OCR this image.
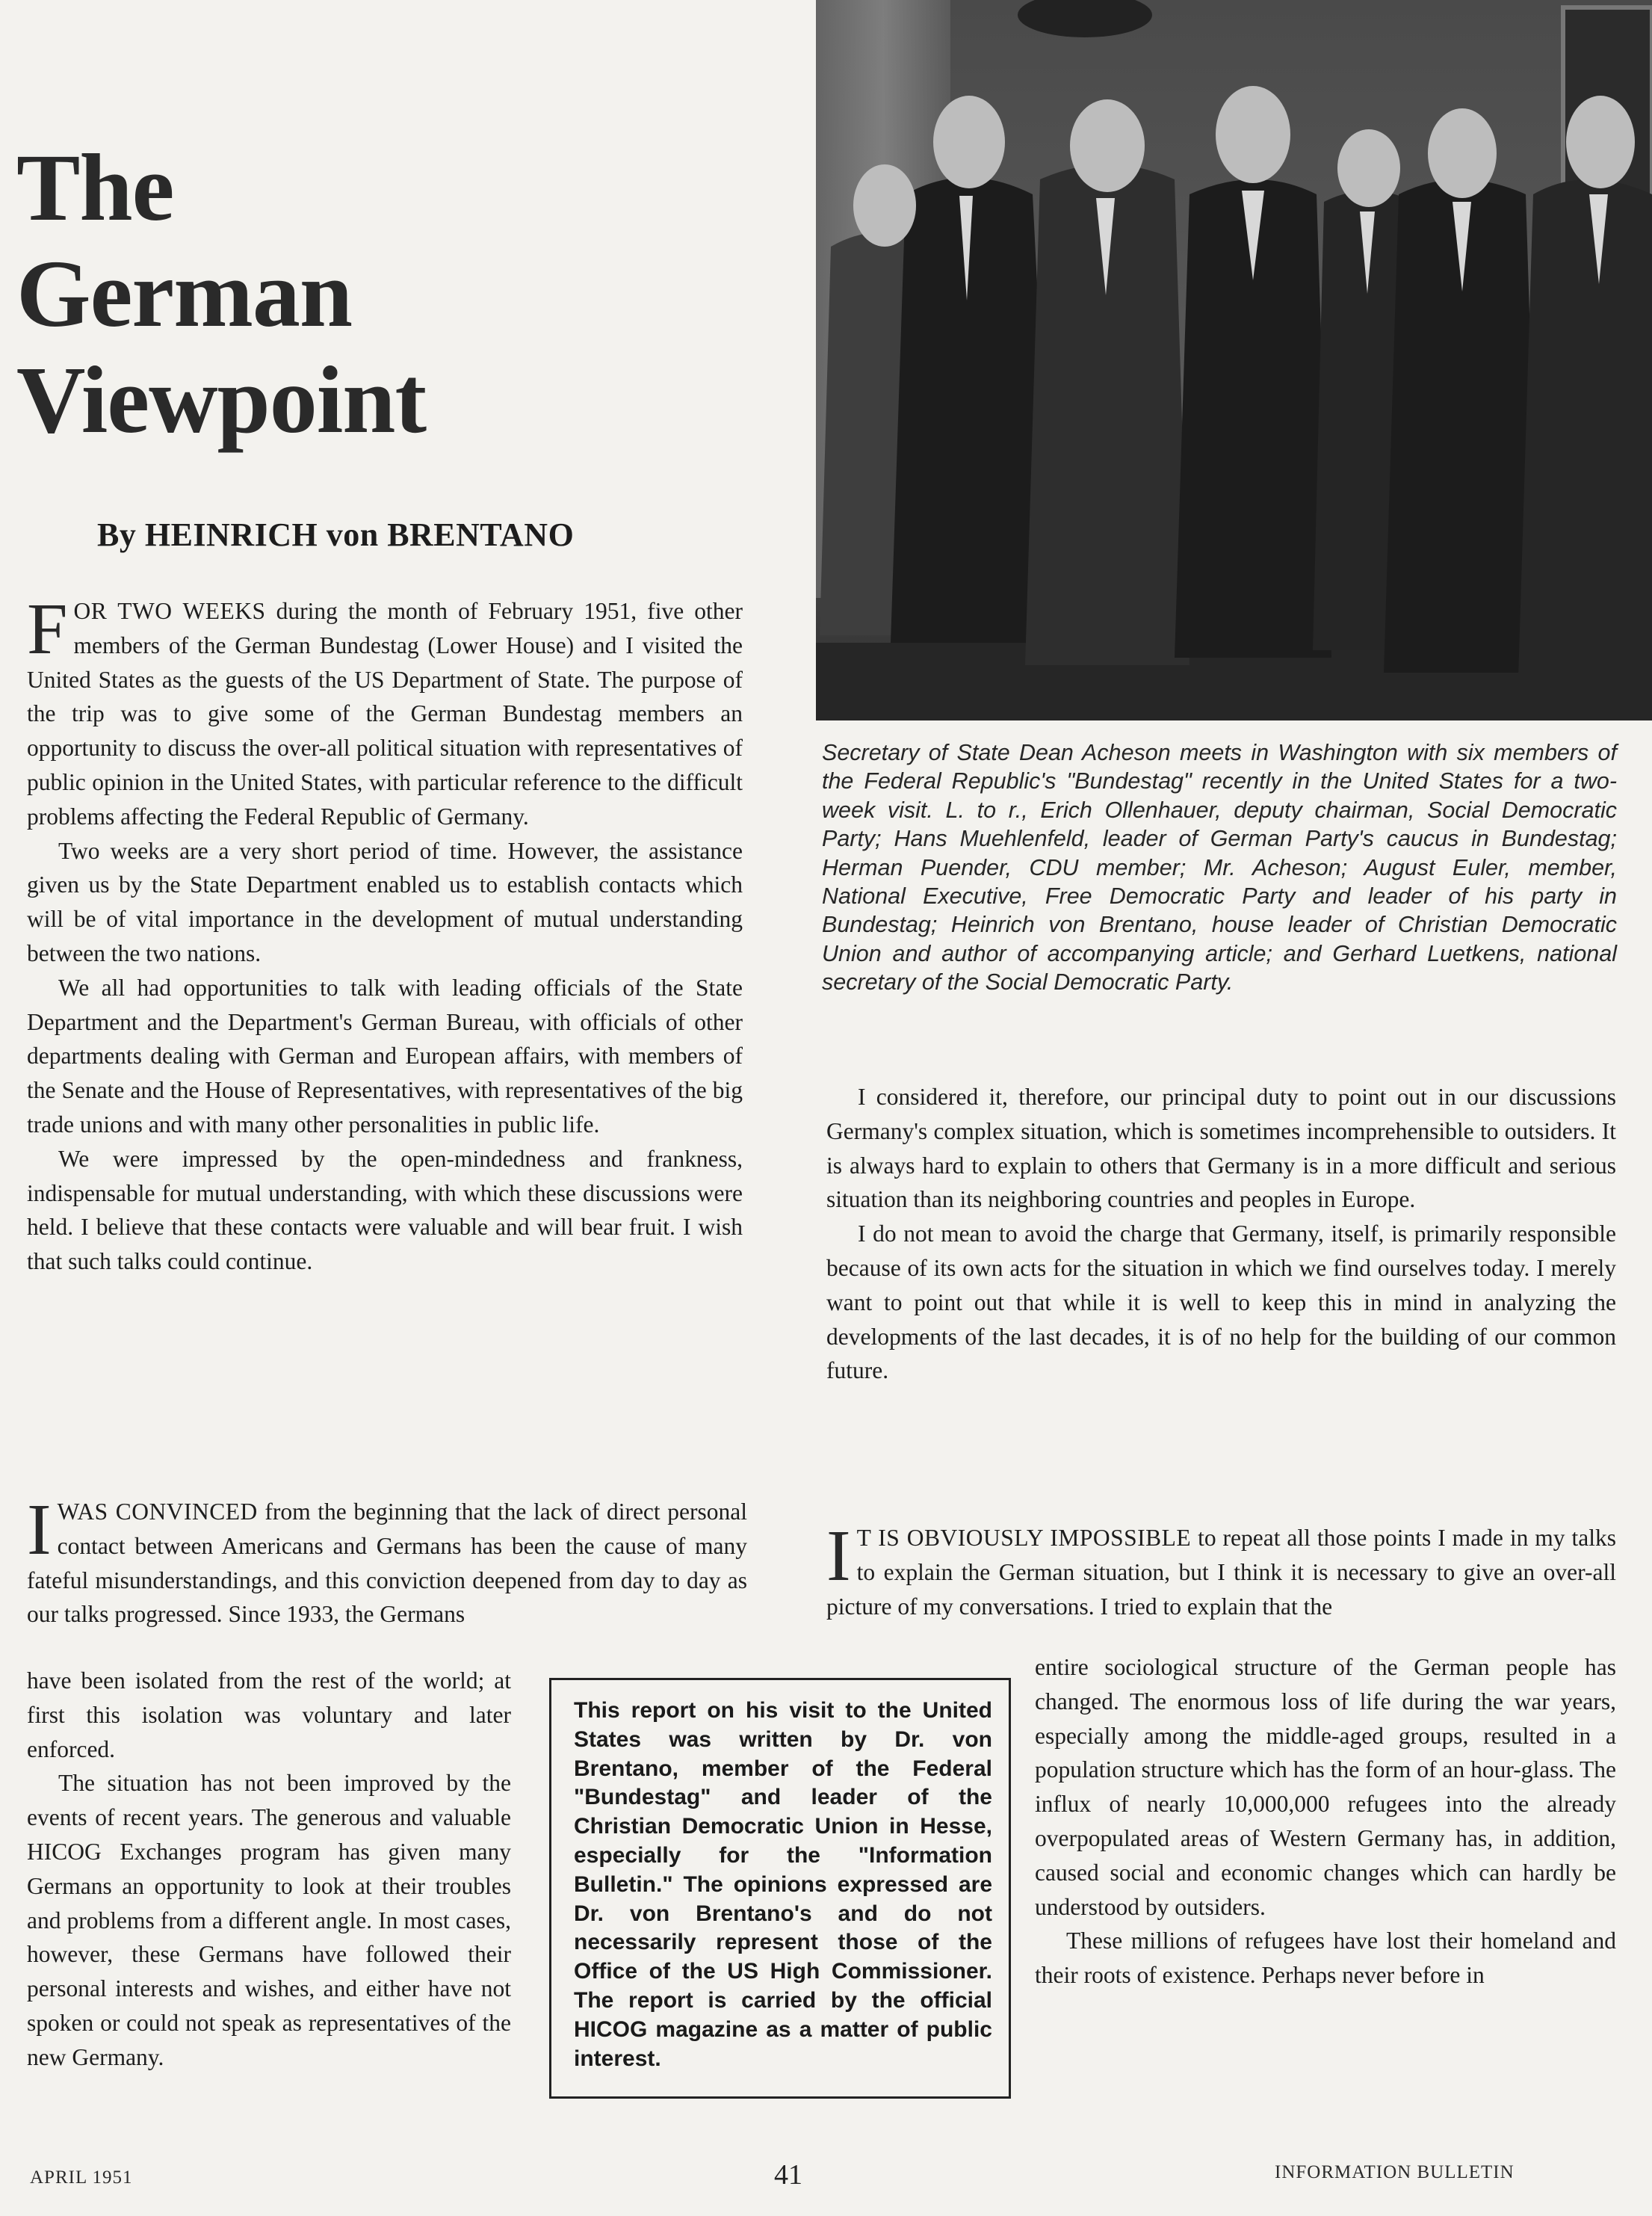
The
German
Viewpoint
By HEINRICH von BRENTANO

FOR TWO WEEKS during the month of February 1951, five other members of the German Bundestag (Lower House) and I visited the United States as the guests of the US Department of State. The purpose of the trip was to give some of the German Bundestag members an opportunity to discuss the over-all political situation with representatives of public opinion in the United States, with particular reference to the difficult problems affecting the Federal Republic of Germany.

Two weeks are a very short period of time. However, the assistance given us by the State Department enabled us to establish contacts which will be of vital importance in the development of mutual understanding between the two nations.

We all had opportunities to talk with leading officials of the State Department and the Department's German Bureau, with officials of other departments dealing with German and European affairs, with members of the Senate and the House of Representatives, with representatives of the big trade unions and with many other personalities in public life.

We were impressed by the open-mindedness and frankness, indispensable for mutual understanding, with which these discussions were held. I believe that these contacts were valuable and will bear fruit. I wish that such talks could continue.

IWAS CONVINCED from the beginning that the lack of direct personal contact between Americans and Germans has been the cause of many fateful misunderstandings, and this conviction deepened from day to day as our talks progressed. Since 1933, the Germans

have been isolated from the rest of the world; at first this isolation was voluntary and later enforced.

The situation has not been improved by the events of recent years. The generous and valuable HICOG Exchanges program has given many Germans an opportunity to look at their troubles and problems from a different angle. In most cases, however, these Germans have followed their personal interests and wishes, and either have not spoken or could not speak as representatives of the new Germany.

Secretary of State Dean Acheson meets in Washington with six members of the Federal Republic's "Bundestag" recently in the United States for a two-week visit. L. to r., Erich Ollenhauer, deputy chairman, Social Democratic Party; Hans Muehlenfeld, leader of German Party's caucus in Bundestag; Herman Puender, CDU member; Mr. Acheson; August Euler, member, National Executive, Free Democratic Party and leader of his party in Bundestag; Heinrich von Brentano, house leader of Christian Democratic Union and author of accompanying article; and Gerhard Luetkens, national secretary of the Social Democratic Party.

I considered it, therefore, our principal duty to point out in our discussions Germany's complex situation, which is sometimes incomprehensible to outsiders. It is always hard to explain to others that Germany is in a more difficult and serious situation than its neighboring countries and peoples in Europe.

I do not mean to avoid the charge that Germany, itself, is primarily responsible because of its own acts for the situation in which we find ourselves today. I merely want to point out that while it is well to keep this in mind in analyzing the developments of the last decades, it is of no help for the building of our common future.

I T IS OBVIOUSLY IMPOSSIBLE to repeat all those points I made in my talks to explain the German situation, but I think it is necessary to give an over-all picture of my conversations. I tried to explain that the

entire sociological structure of the German people has changed. The enormous loss of life during the war years, especially among the middle-aged groups, resulted in a population structure which has the form of an hour-glass. The influx of nearly 10,000,000 refugees into the already overpopulated areas of Western Germany has, in addition, caused social and economic changes which can hardly be understood by outsiders.

These millions of refugees have lost their homeland and their roots of existence. Perhaps never before in

This report on his visit to the United States was written by Dr. von Brentano, member of the Federal "Bundestag" and leader of the Christian Democratic Union in Hesse, especially for the "Information Bulletin." The opinions expressed are Dr. von Brentano's and do not necessarily represent those of the Office of the US High Commissioner. The report is carried by the official HICOG magazine as a matter of public interest.
APRIL 1951	41	INFORMATION BULLETIN
